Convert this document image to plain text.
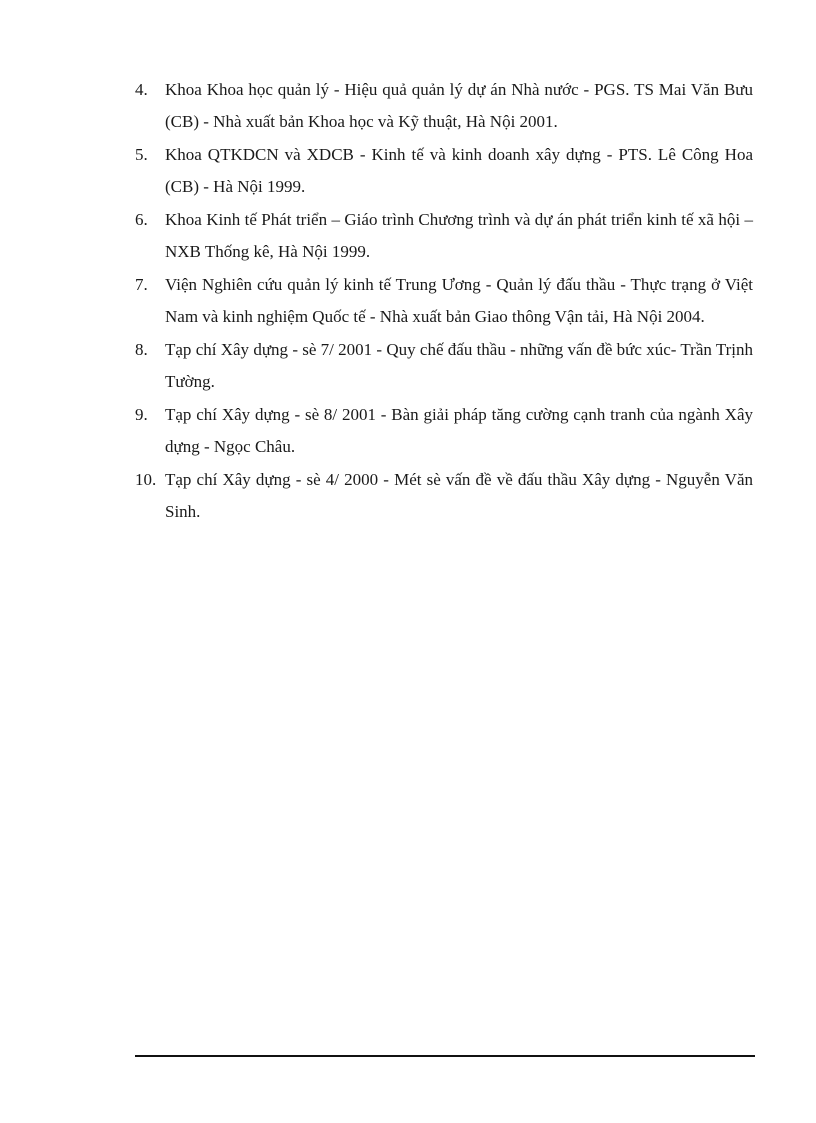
4. Khoa Khoa học quản lý - Hiệu quả quản lý dự án Nhà nước - PGS. TS Mai Văn Bưu (CB) - Nhà xuất bản Khoa học và Kỹ thuật, Hà Nội 2001.
5. Khoa QTKDCN và XDCB - Kinh tế và kinh doanh xây dựng - PTS. Lê Công Hoa (CB) - Hà Nội 1999.
6. Khoa Kinh tế Phát triển – Giáo trình Chương trình và dự án phát triển kinh tế xã hội – NXB Thống kê, Hà Nội 1999.
7. Viện Nghiên cứu quản lý kinh tế Trung Ương - Quản lý đấu thầu - Thực trạng ở Việt Nam và kinh nghiệm Quốc tế - Nhà xuất bản Giao thông Vận tải, Hà Nội 2004.
8. Tạp chí Xây dựng - sè 7/ 2001 - Quy chế đấu thầu - những vấn đề bức xúc- Trần Trịnh Tường.
9. Tạp chí Xây dựng - sè 8/ 2001 - Bàn giải pháp tăng cường cạnh tranh của ngành Xây dựng - Ngọc Châu.
10. Tạp chí Xây dựng - sè 4/ 2000 - Mét sè vấn đề về đấu thầu Xây dựng - Nguyễn Văn Sinh.
